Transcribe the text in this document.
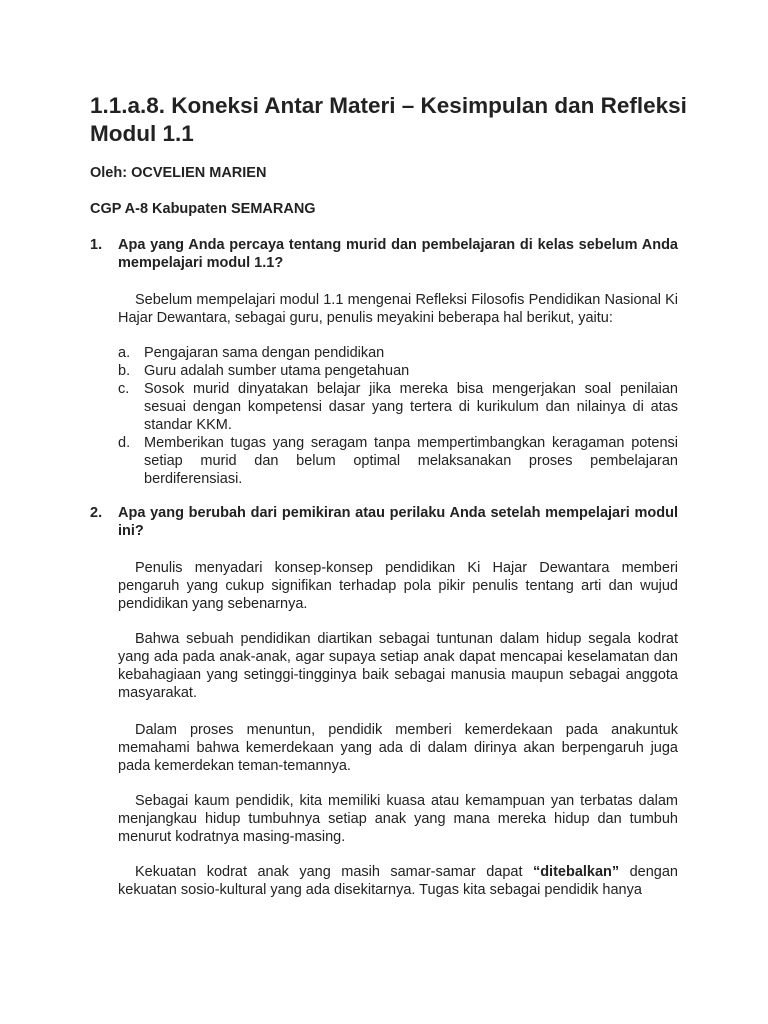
1.1.a.8. Koneksi Antar Materi – Kesimpulan dan Refleksi Modul 1.1

Oleh: OCVELIEN MARIEN

CGP A-8 Kabupaten SEMARANG

1. Apa yang Anda percaya tentang murid dan pembelajaran di kelas sebelum Anda mempelajari modul 1.1?

Sebelum mempelajari modul 1.1 mengenai Refleksi Filosofis Pendidikan Nasional Ki Hajar Dewantara, sebagai guru, penulis meyakini beberapa hal berikut, yaitu:

a. Pengajaran sama dengan pendidikan
b. Guru adalah sumber utama pengetahuan
c. Sosok murid dinyatakan belajar jika mereka bisa mengerjakan soal penilaian sesuai dengan kompetensi dasar yang tertera di kurikulum dan nilainya di atas standar KKM.
d. Memberikan tugas yang seragam tanpa mempertimbangkan keragaman potensi setiap murid dan belum optimal melaksanakan proses pembelajaran berdiferensiasi.
2. Apa yang berubah dari pemikiran atau perilaku Anda setelah mempelajari modul ini?

Penulis menyadari konsep-konsep pendidikan Ki Hajar Dewantara memberi pengaruh yang cukup signifikan terhadap pola pikir penulis tentang arti dan wujud pendidikan yang sebenarnya.

Bahwa sebuah pendidikan diartikan sebagai tuntunan dalam hidup segala kodrat yang ada pada anak-anak, agar supaya setiap anak dapat mencapai keselamatan dan kebahagiaan yang setinggi-tingginya baik sebagai manusia maupun sebagai anggota masyarakat.

Dalam proses menuntun, pendidik memberi kemerdekaan pada anakuntuk memahami bahwa kemerdekaan yang ada di dalam dirinya akan berpengaruh juga pada kemerdekan teman-temannya.

Sebagai kaum pendidik, kita memiliki kuasa atau kemampuan yan terbatas dalam menjangkau hidup tumbuhnya setiap anak yang mana mereka hidup dan tumbuh menurut kodratnya masing-masing.

Kekuatan kodrat anak yang masih samar-samar dapat “ditebalkan” dengan kekuatan sosio-kultural yang ada disekitarnya. Tugas kita sebagai pendidik hanya
